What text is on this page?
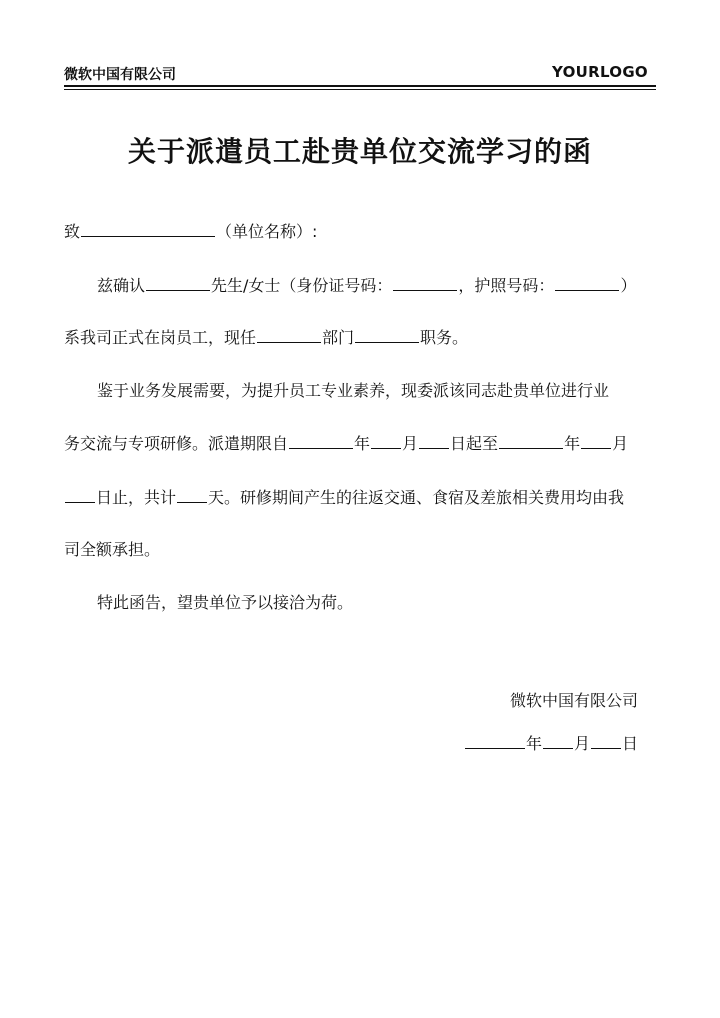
微软中国有限公司	YOURLOGO
关于派遣员工赴贵单位交流学习的函
致	（单位名称）:
兹确认	先生/女士（身份证号码：	，护照号码：	）
系我司正式在岗员工，现任	部门	职务。
鉴于业务发展需要，为提升员工专业素养，现委派该同志赴贵单位进行业
务交流与专项研修。派遣期限自	年 月 日起至	年 月
日止，共计 天。研修期间产生的往返交通、食宿及差旅相关费用均由我
司全额承担。
特此函告，望贵单位予以接洽为荷。
微软中国有限公司
年 月 日
